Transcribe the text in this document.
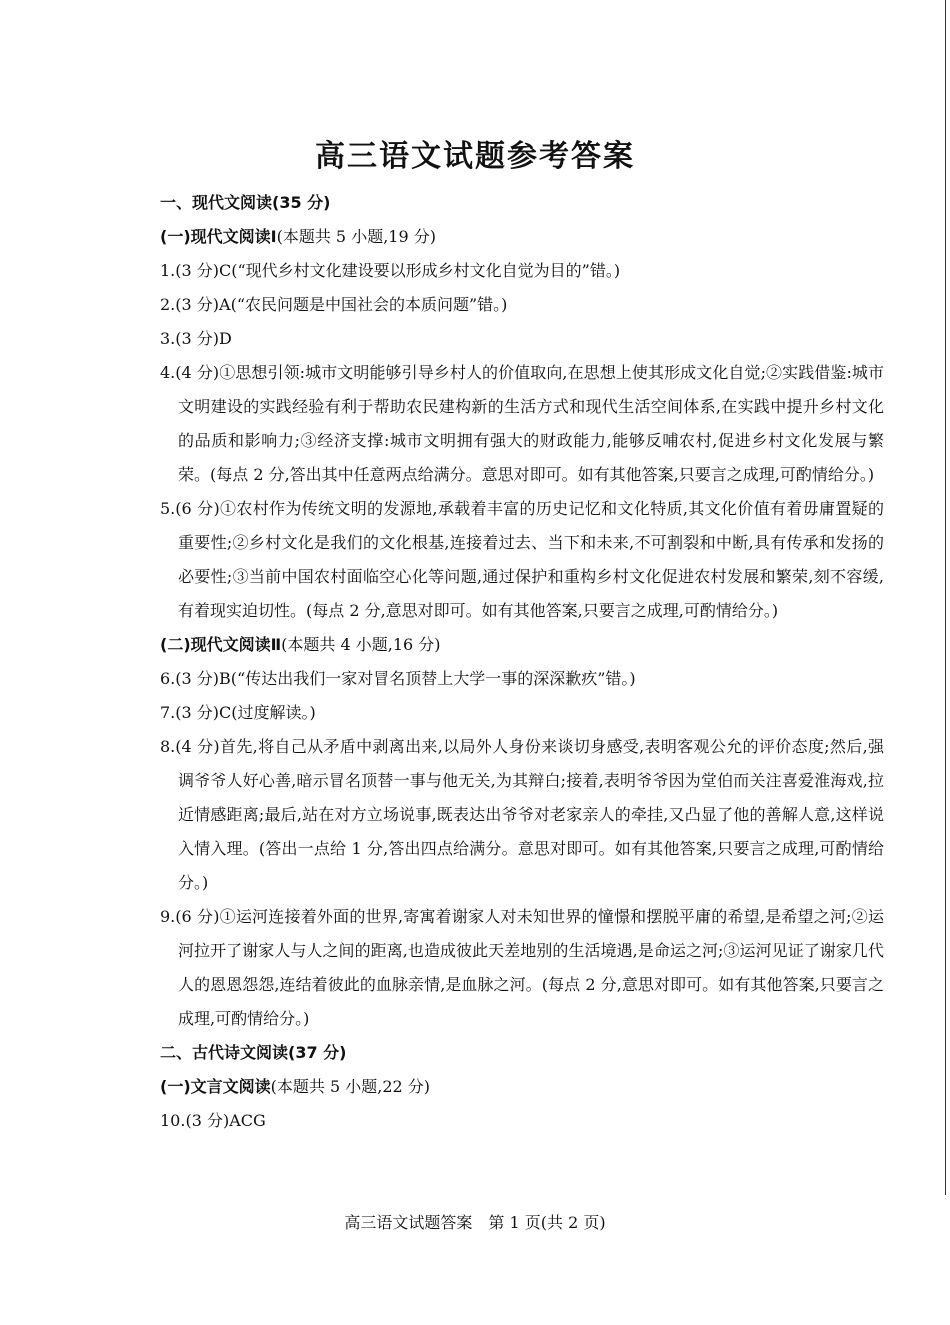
高三语文试题参考答案

一、现代文阅读(35 分)

(一)现代文阅读Ⅰ(本题共 5 小题,19 分)

1.(3 分)C(“现代乡村文化建设要以形成乡村文化自觉为目的”错。)

2.(3 分)A(“农民问题是中国社会的本质问题”错。)

3.(3 分)D

4.(4 分)①思想引领:城市文明能够引导乡村人的价值取向,在思想上使其形成文化自觉;②实践借鉴:城市文明建设的实践经验有利于帮助农民建构新的生活方式和现代生活空间体系,在实践中提升乡村文化的品质和影响力;③经济支撑:城市文明拥有强大的财政能力,能够反哺农村,促进乡村文化发展与繁荣。(每点 2 分,答出其中任意两点给满分。意思对即可。如有其他答案,只要言之成理,可酌情给分。)

5.(6 分)①农村作为传统文明的发源地,承载着丰富的历史记忆和文化特质,其文化价值有着毋庸置疑的重要性;②乡村文化是我们的文化根基,连接着过去、当下和未来,不可割裂和中断,具有传承和发扬的必要性;③当前中国农村面临空心化等问题,通过保护和重构乡村文化促进农村发展和繁荣,刻不容缓,有着现实迫切性。(每点 2 分,意思对即可。如有其他答案,只要言之成理,可酌情给分。)

(二)现代文阅读Ⅱ(本题共 4 小题,16 分)

6.(3 分)B(“传达出我们一家对冒名顶替上大学一事的深深歉疚”错。)

7.(3 分)C(过度解读。)

8.(4 分)首先,将自己从矛盾中剥离出来,以局外人身份来谈切身感受,表明客观公允的评价态度;然后,强调爷爷人好心善,暗示冒名顶替一事与他无关,为其辩白;接着,表明爷爷因为堂伯而关注喜爱淮海戏,拉近情感距离;最后,站在对方立场说事,既表达出爷爷对老家亲人的牵挂,又凸显了他的善解人意,这样说入情入理。(答出一点给 1 分,答出四点给满分。意思对即可。如有其他答案,只要言之成理,可酌情给分。)

9.(6 分)①运河连接着外面的世界,寄寓着谢家人对未知世界的憧憬和摆脱平庸的希望,是希望之河;②运河拉开了谢家人与人之间的距离,也造成彼此天差地别的生活境遇,是命运之河;③运河见证了谢家几代人的恩恩怨怨,连结着彼此的血脉亲情,是血脉之河。(每点 2 分,意思对即可。如有其他答案,只要言之成理,可酌情给分。)

二、古代诗文阅读(37 分)

(一)文言文阅读(本题共 5 小题,22 分)

10.(3 分)ACG

高三语文试题答案　第 1 页(共 2 页)
